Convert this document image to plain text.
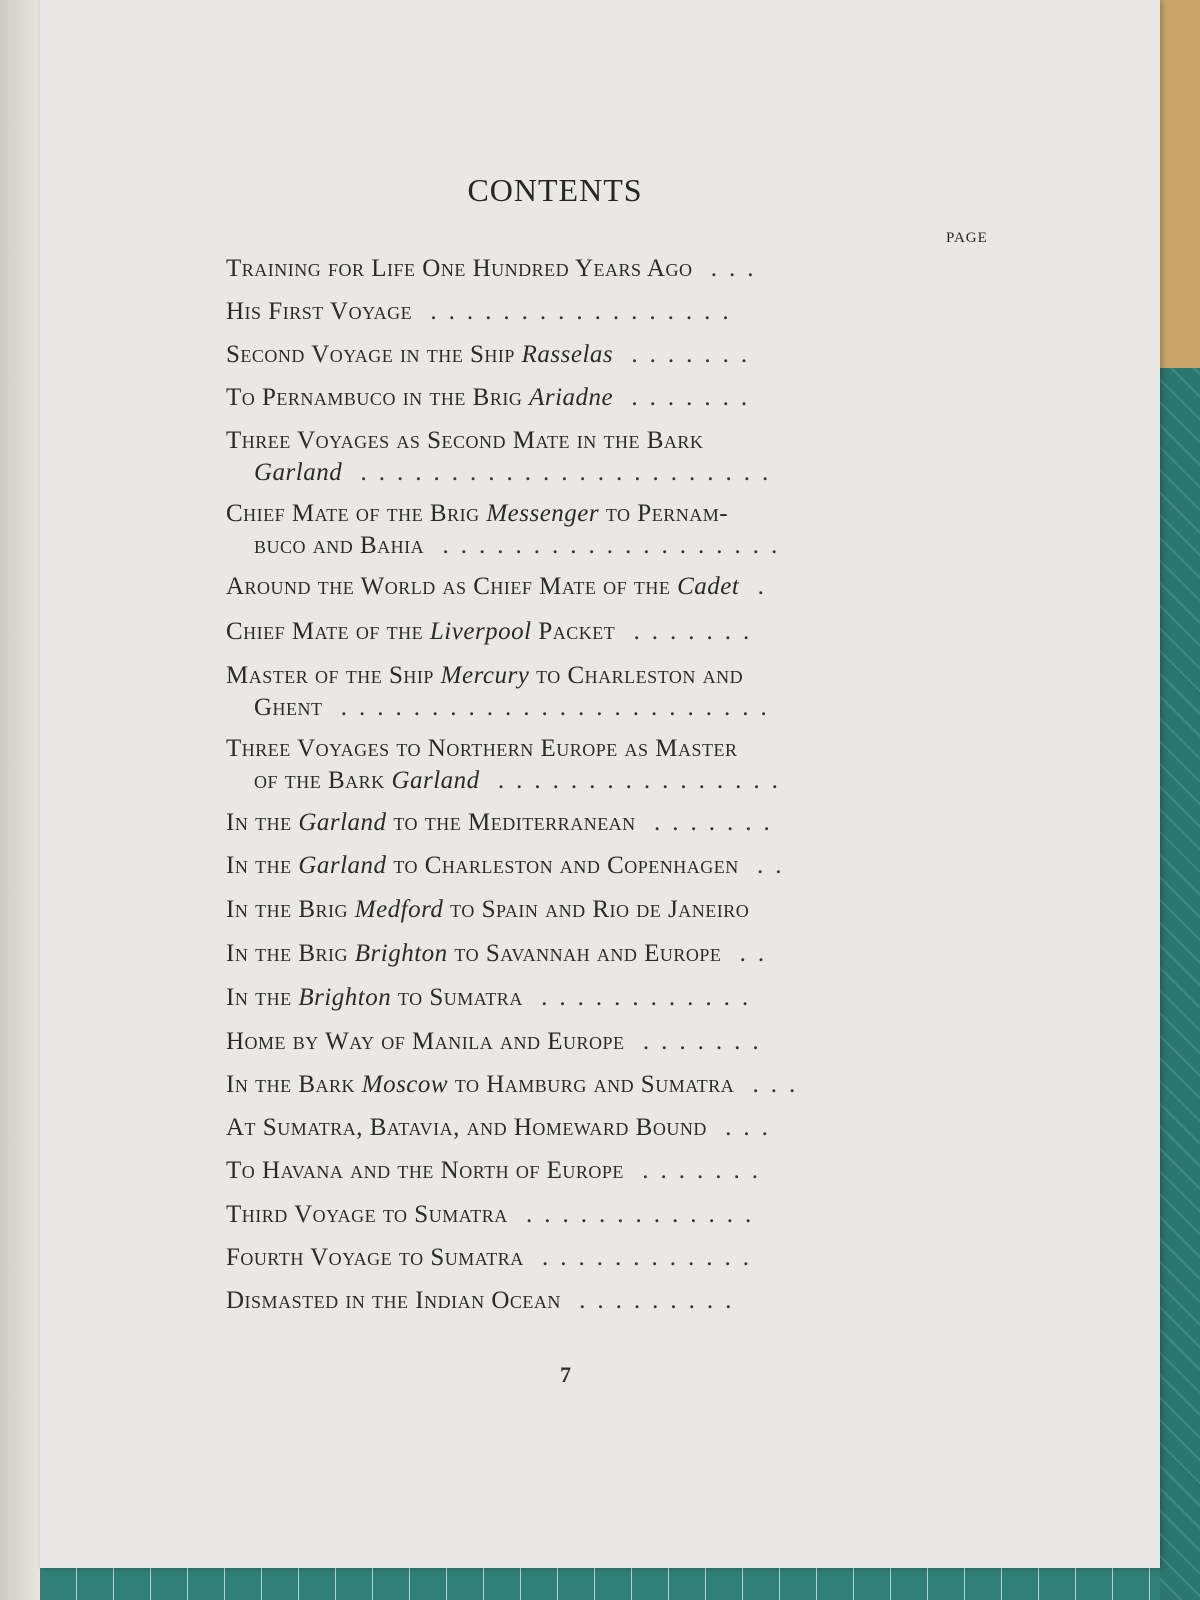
CONTENTS
PAGE
Training for Life One Hundred Years Ago ...
His First Voyage .................
Second Voyage in the Ship Rasselas .......
To Pernambuco in the Brig Ariadne .......
Three Voyages as Second Mate in the Bark
Garland .......................
Chief Mate of the Brig Messenger to Pernam-
buco and Bahia ...................
Around the World as Chief Mate of the Cadet .
Chief Mate of the Liverpool Packet .......
Master of the Ship Mercury to Charleston and
Ghent ........................
Three Voyages to Northern Europe as Master
of the Bark Garland ................
In the Garland to the Mediterranean .......
In the Garland to Charleston and Copenhagen ..
In the Brig Medford to Spain and Rio de Janeiro
In the Brig Brighton to Savannah and Europe ..
In the Brighton to Sumatra ............
Home by Way of Manila and Europe .......
In the Bark Moscow to Hamburg and Sumatra ...
At Sumatra, Batavia, and Homeward Bound ...
To Havana and the North of Europe .......
Third Voyage to Sumatra .............
Fourth Voyage to Sumatra ............
Dismasted in the Indian Ocean .........
7
